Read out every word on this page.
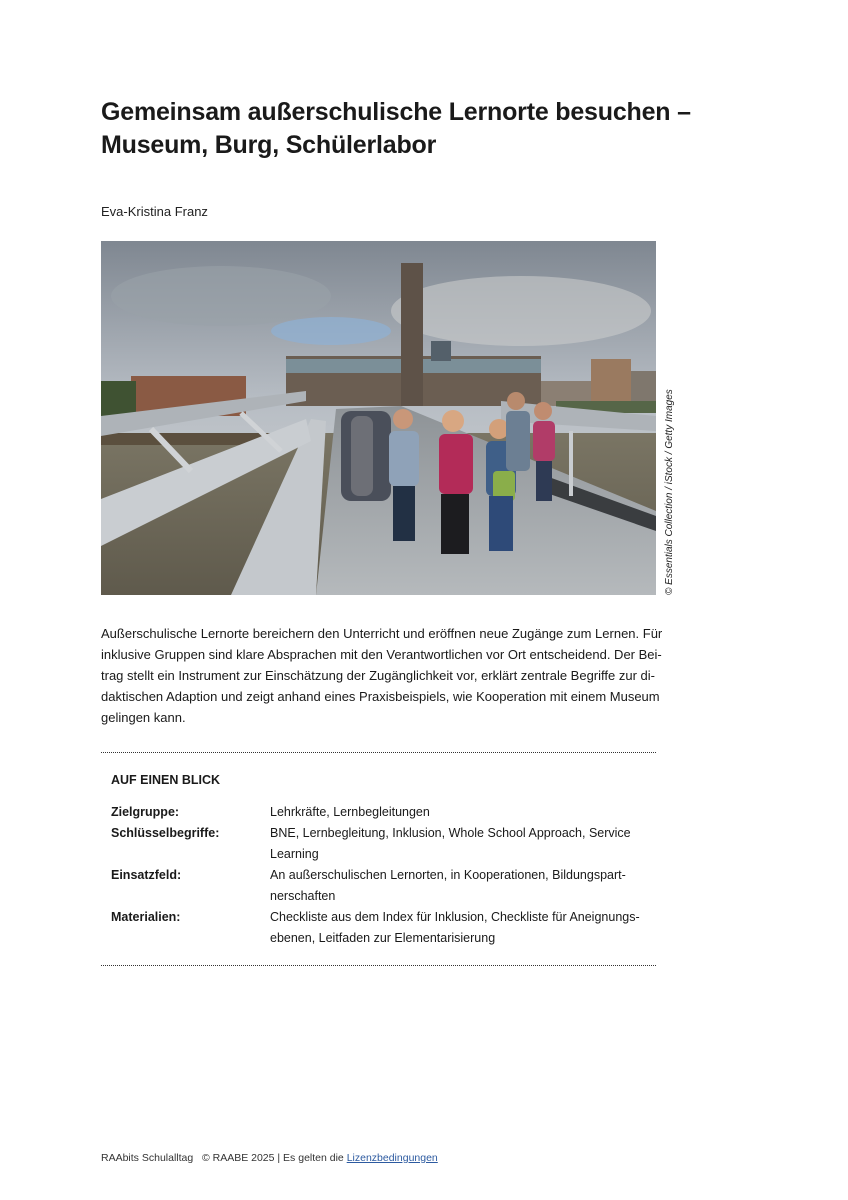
Gemeinsam außerschulische Lernorte besuchen –
Museum, Burg, Schülerlabor
Eva-Kristina Franz
© Essentials Collection / iStock / Getty Images

Außerschulische Lernorte bereichern den Unterricht und eröffnen neue Zugänge zum Lernen. Für
inklusive Gruppen sind klare Absprachen mit den Verantwortlichen vor Ort entscheidend. Der Bei-
trag stellt ein Instrument zur Einschätzung der Zugänglichkeit vor, erklärt zentrale Begriffe zur di-
daktischen Adaption und zeigt anhand eines Praxisbeispiels, wie Kooperation mit einem Museum
gelingen kann.

AUF EINEN BLICK
Zielgruppe:	Lehrkräfte, Lernbegleitungen
Schlüsselbegriffe:	BNE, Lernbegleitung, Inklusion, Whole School Approach, Service
Learning
Einsatzfeld:	An außerschulischen Lernorten, in Kooperationen, Bildungspart-
nerschaften
Materialien:	Checkliste aus dem Index für Inklusion, Checkliste für Aneignungs-
ebenen, Leitfaden zur Elementarisierung
RAAbits Schulalltag   © RAABE 2025 | Es gelten die Lizenzbedingungen
